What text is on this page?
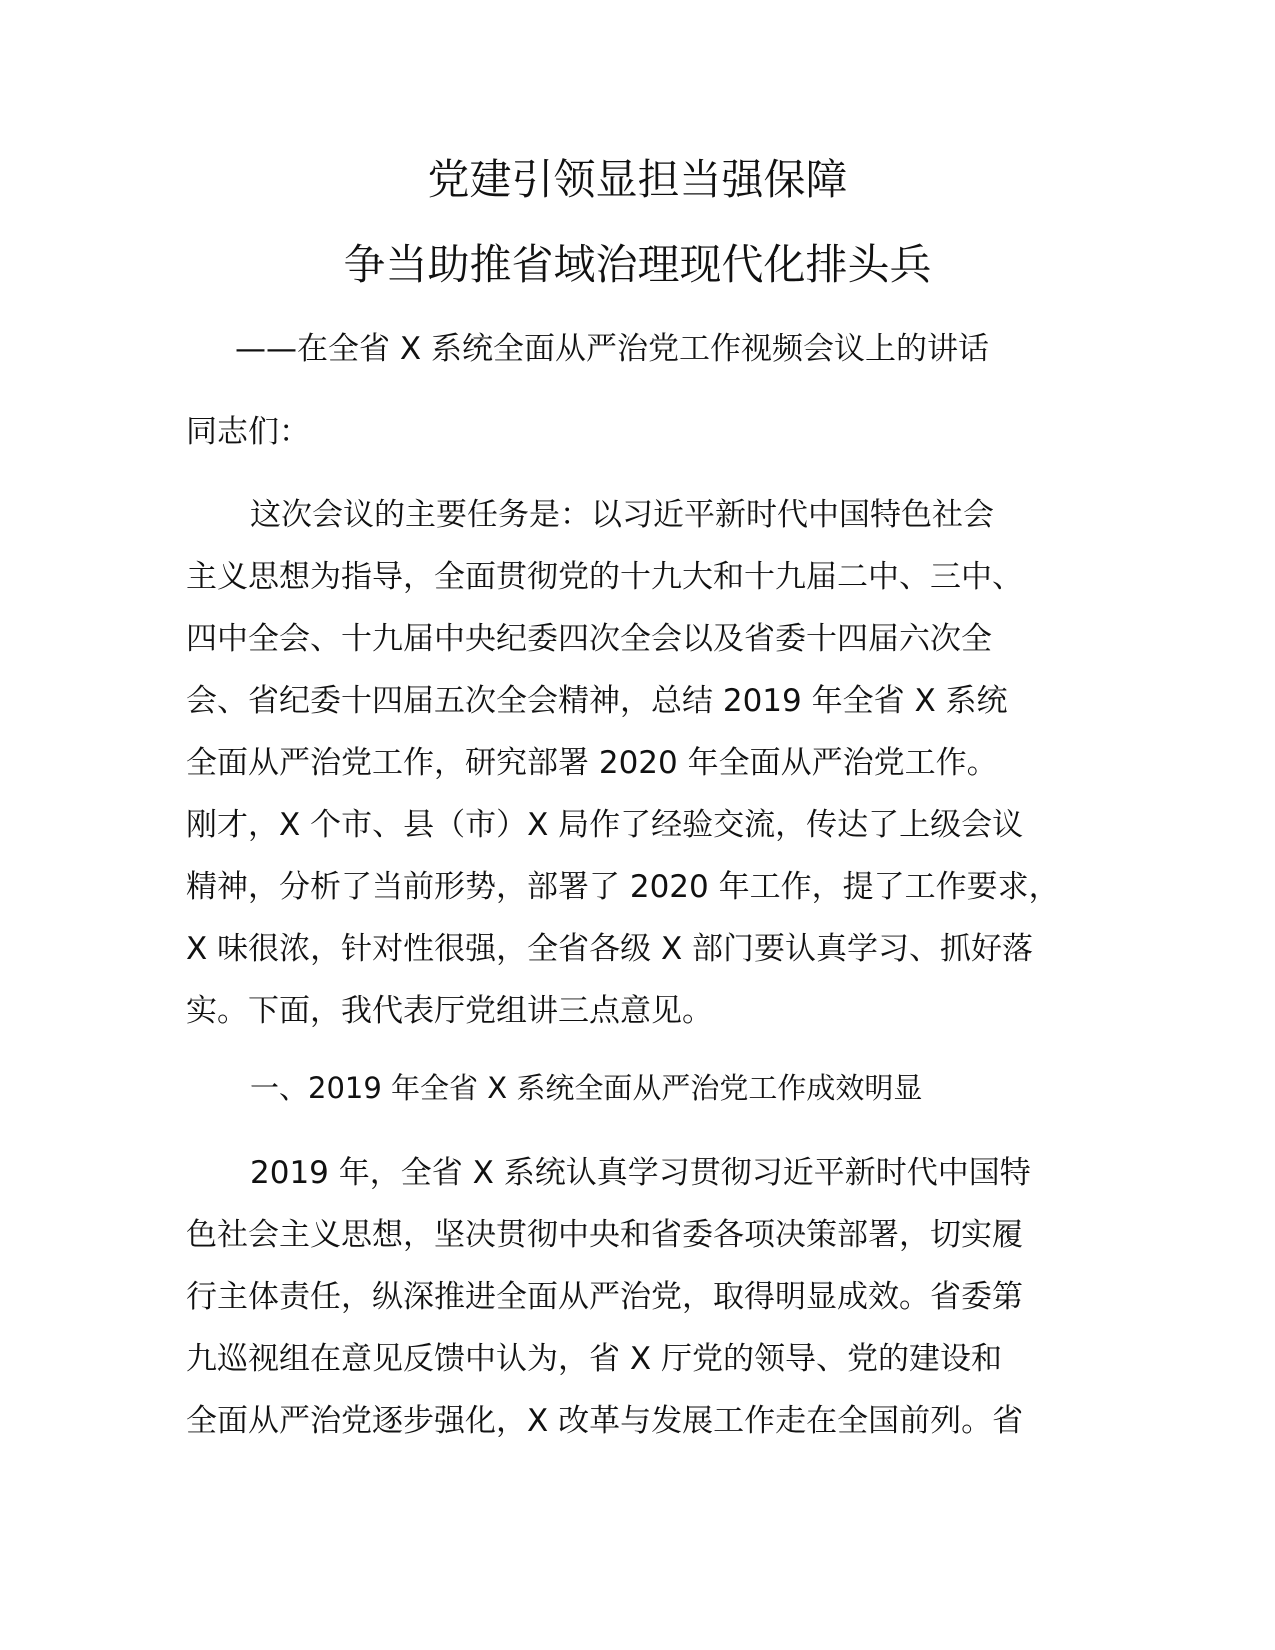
党建引领显担当强保障
争当助推省域治理现代化排头兵

——在全省 X 系统全面从严治党工作视频会议上的讲话

同志们：

这次会议的主要任务是：以习近平新时代中国特色社会
主义思想为指导，全面贯彻党的十九大和十九届二中、三中、
四中全会、十九届中央纪委四次全会以及省委十四届六次全
会、省纪委十四届五次全会精神，总结 2019 年全省 X 系统
全面从严治党工作，研究部署 2020 年全面从严治党工作。
刚才，X 个市、县（市）X 局作了经验交流，传达了上级会议
精神，分析了当前形势，部署了 2020 年工作，提了工作要求，
X 味很浓，针对性很强，全省各级 X 部门要认真学习、抓好落
实。下面，我代表厅党组讲三点意见。
一、2019 年全省 X 系统全面从严治党工作成效明显
2019 年，全省 X 系统认真学习贯彻习近平新时代中国特
色社会主义思想，坚决贯彻中央和省委各项决策部署，切实履
行主体责任，纵深推进全面从严治党，取得明显成效。省委第
九巡视组在意见反馈中认为，省 X 厅党的领导、党的建设和
全面从严治党逐步强化，X 改革与发展工作走在全国前列。省
